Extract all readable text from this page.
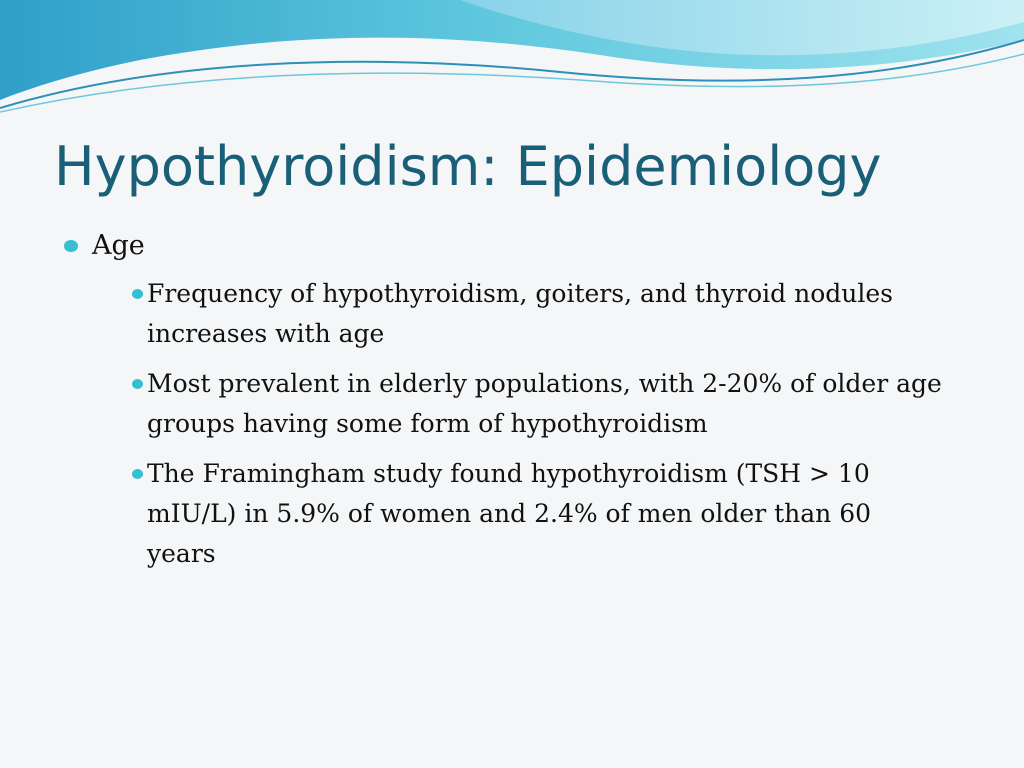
Hypothyroidism: Epidemiology
Age
Frequency of hypothyroidism, goiters, and thyroid nodules increases with age
Most prevalent in elderly populations, with 2-20% of older age groups having some form of hypothyroidism
The Framingham study found hypothyroidism (TSH > 10 mIU/L) in 5.9% of women and 2.4% of men older than 60 years
